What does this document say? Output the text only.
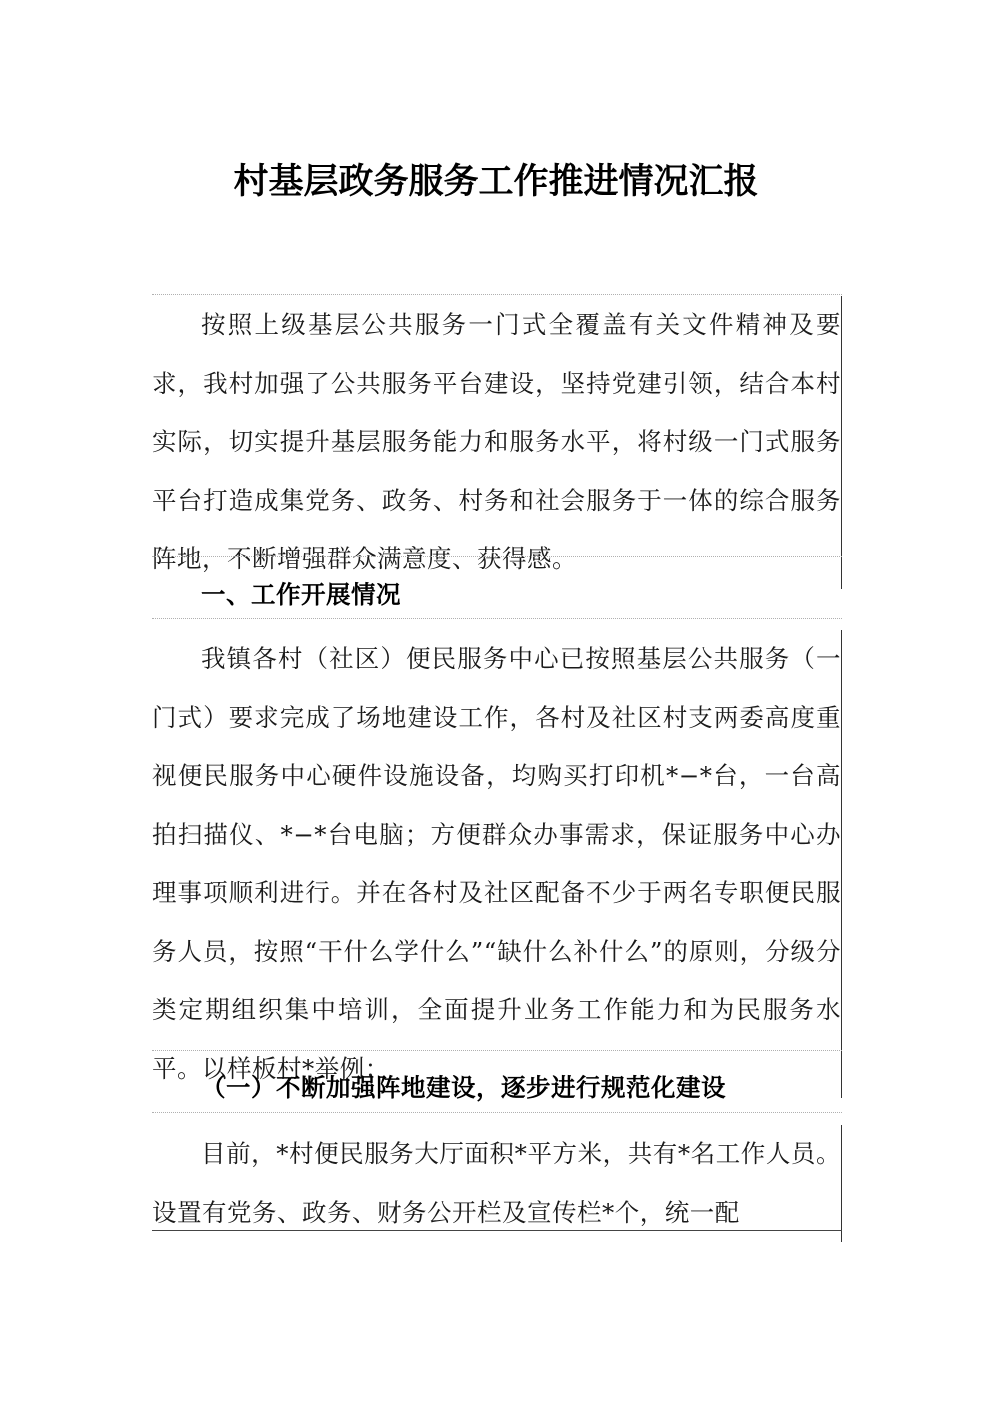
村基层政务服务工作推进情况汇报

按照上级基层公共服务一门式全覆盖有关文件精神及要求，我村加强了公共服务平台建设，坚持党建引领，结合本村实际，切实提升基层服务能力和服务水平，将村级一门式服务平台打造成集党务、政务、村务和社会服务于一体的综合服务阵地，不断增强群众满意度、获得感。

一、工作开展情况

我镇各村（社区）便民服务中心已按照基层公共服务（一门式）要求完成了场地建设工作，各村及社区村支两委高度重视便民服务中心硬件设施设备，均购买打印机*−*台，一台高拍扫描仪、*−*台电脑；方便群众办事需求，保证服务中心办理事项顺利进行。并在各村及社区配备不少于两名专职便民服务人员，按照“干什么学什么”“缺什么补什么”的原则，分级分类定期组织集中培训，全面提升业务工作能力和为民服务水平。以样板村*举例：

（一）不断加强阵地建设，逐步进行规范化建设

目前，*村便民服务大厅面积*平方米，共有*名工作人员。设置有党务、政务、财务公开栏及宣传栏*个，统一配
